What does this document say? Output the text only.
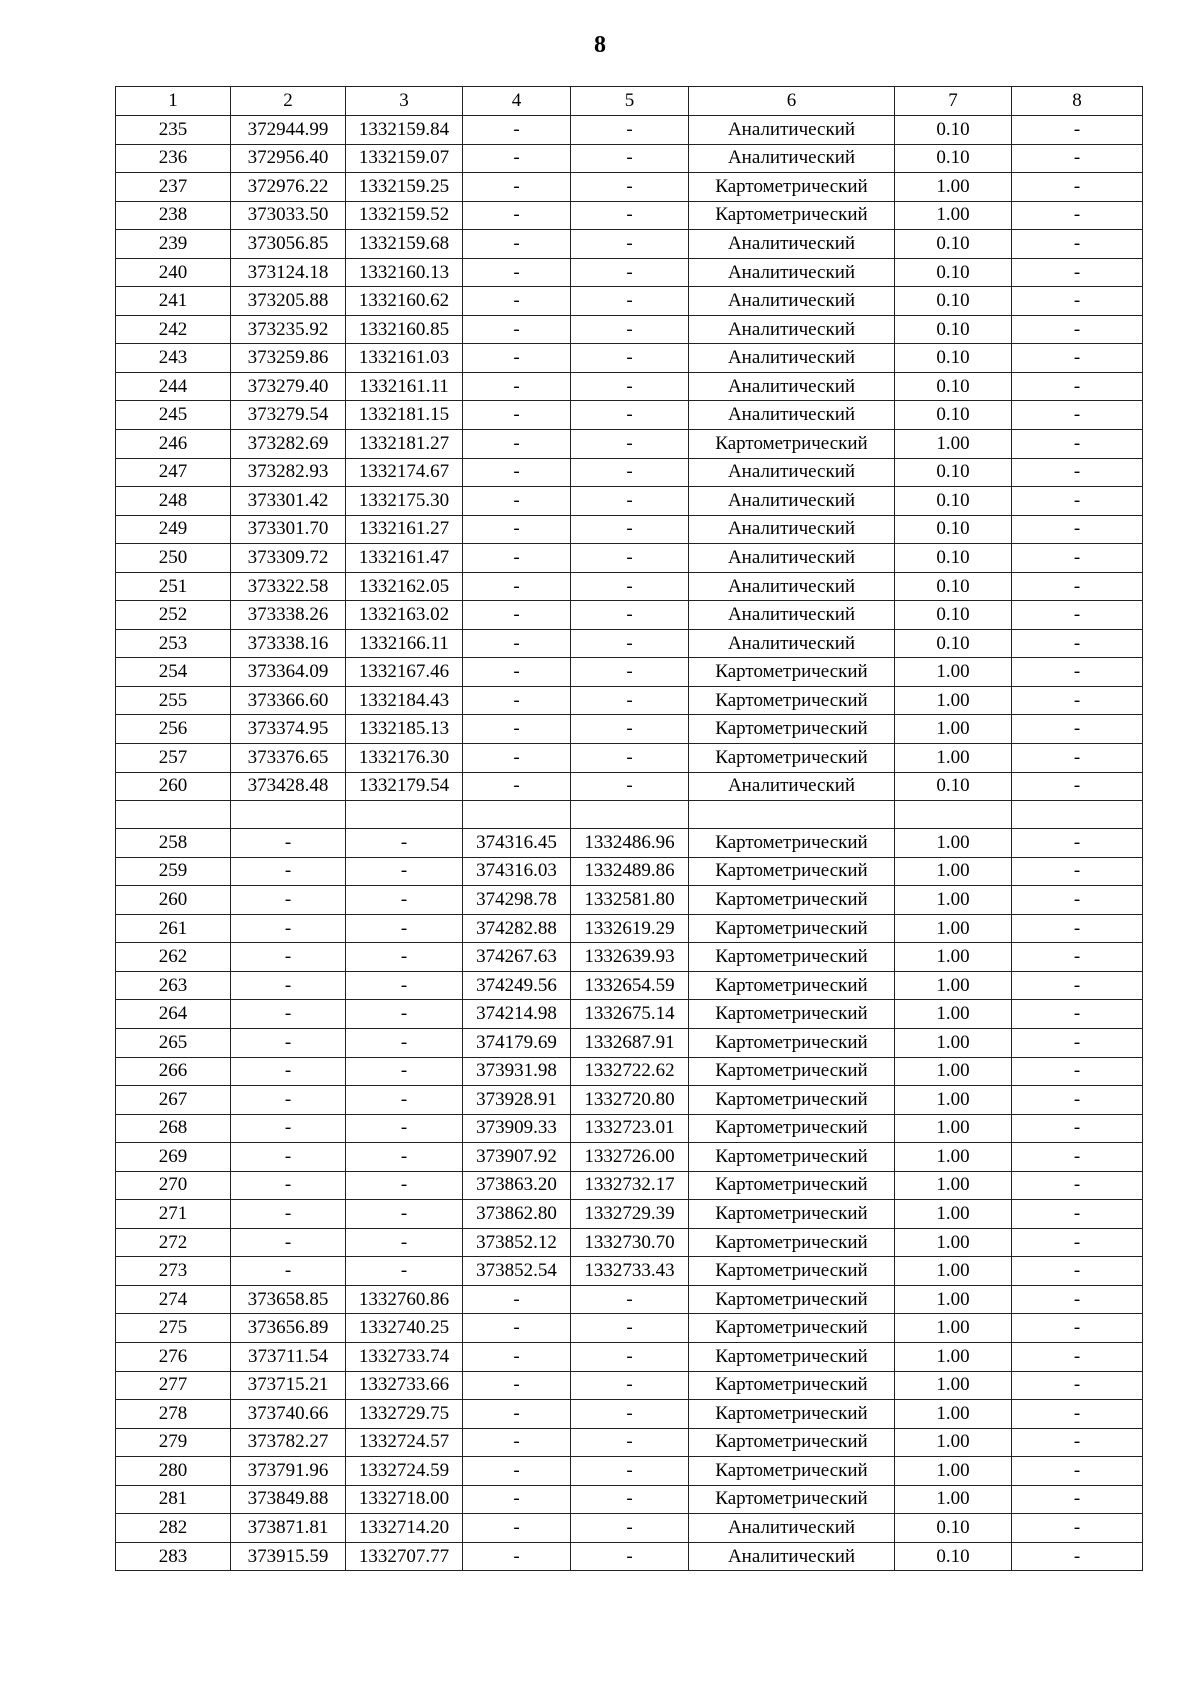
8
1	2	3	4	5	6	7	8
235	372944.99	1332159.84	-	-	Аналитический	0.10	-
236	372956.40	1332159.07	-	-	Аналитический	0.10	-
237	372976.22	1332159.25	-	-	Картометрический	1.00	-
238	373033.50	1332159.52	-	-	Картометрический	1.00	-
239	373056.85	1332159.68	-	-	Аналитический	0.10	-
240	373124.18	1332160.13	-	-	Аналитический	0.10	-
241	373205.88	1332160.62	-	-	Аналитический	0.10	-
242	373235.92	1332160.85	-	-	Аналитический	0.10	-
243	373259.86	1332161.03	-	-	Аналитический	0.10	-
244	373279.40	1332161.11	-	-	Аналитический	0.10	-
245	373279.54	1332181.15	-	-	Аналитический	0.10	-
246	373282.69	1332181.27	-	-	Картометрический	1.00	-
247	373282.93	1332174.67	-	-	Аналитический	0.10	-
248	373301.42	1332175.30	-	-	Аналитический	0.10	-
249	373301.70	1332161.27	-	-	Аналитический	0.10	-
250	373309.72	1332161.47	-	-	Аналитический	0.10	-
251	373322.58	1332162.05	-	-	Аналитический	0.10	-
252	373338.26	1332163.02	-	-	Аналитический	0.10	-
253	373338.16	1332166.11	-	-	Аналитический	0.10	-
254	373364.09	1332167.46	-	-	Картометрический	1.00	-
255	373366.60	1332184.43	-	-	Картометрический	1.00	-
256	373374.95	1332185.13	-	-	Картометрический	1.00	-
257	373376.65	1332176.30	-	-	Картометрический	1.00	-
260	373428.48	1332179.54	-	-	Аналитический	0.10	-

258	-	-	374316.45	1332486.96	Картометрический	1.00	-
259	-	-	374316.03	1332489.86	Картометрический	1.00	-
260	-	-	374298.78	1332581.80	Картометрический	1.00	-
261	-	-	374282.88	1332619.29	Картометрический	1.00	-
262	-	-	374267.63	1332639.93	Картометрический	1.00	-
263	-	-	374249.56	1332654.59	Картометрический	1.00	-
264	-	-	374214.98	1332675.14	Картометрический	1.00	-
265	-	-	374179.69	1332687.91	Картометрический	1.00	-
266	-	-	373931.98	1332722.62	Картометрический	1.00	-
267	-	-	373928.91	1332720.80	Картометрический	1.00	-
268	-	-	373909.33	1332723.01	Картометрический	1.00	-
269	-	-	373907.92	1332726.00	Картометрический	1.00	-
270	-	-	373863.20	1332732.17	Картометрический	1.00	-
271	-	-	373862.80	1332729.39	Картометрический	1.00	-
272	-	-	373852.12	1332730.70	Картометрический	1.00	-
273	-	-	373852.54	1332733.43	Картометрический	1.00	-
274	373658.85	1332760.86	-	-	Картометрический	1.00	-
275	373656.89	1332740.25	-	-	Картометрический	1.00	-
276	373711.54	1332733.74	-	-	Картометрический	1.00	-
277	373715.21	1332733.66	-	-	Картометрический	1.00	-
278	373740.66	1332729.75	-	-	Картометрический	1.00	-
279	373782.27	1332724.57	-	-	Картометрический	1.00	-
280	373791.96	1332724.59	-	-	Картометрический	1.00	-
281	373849.88	1332718.00	-	-	Картометрический	1.00	-
282	373871.81	1332714.20	-	-	Аналитический	0.10	-
283	373915.59	1332707.77	-	-	Аналитический	0.10	-
